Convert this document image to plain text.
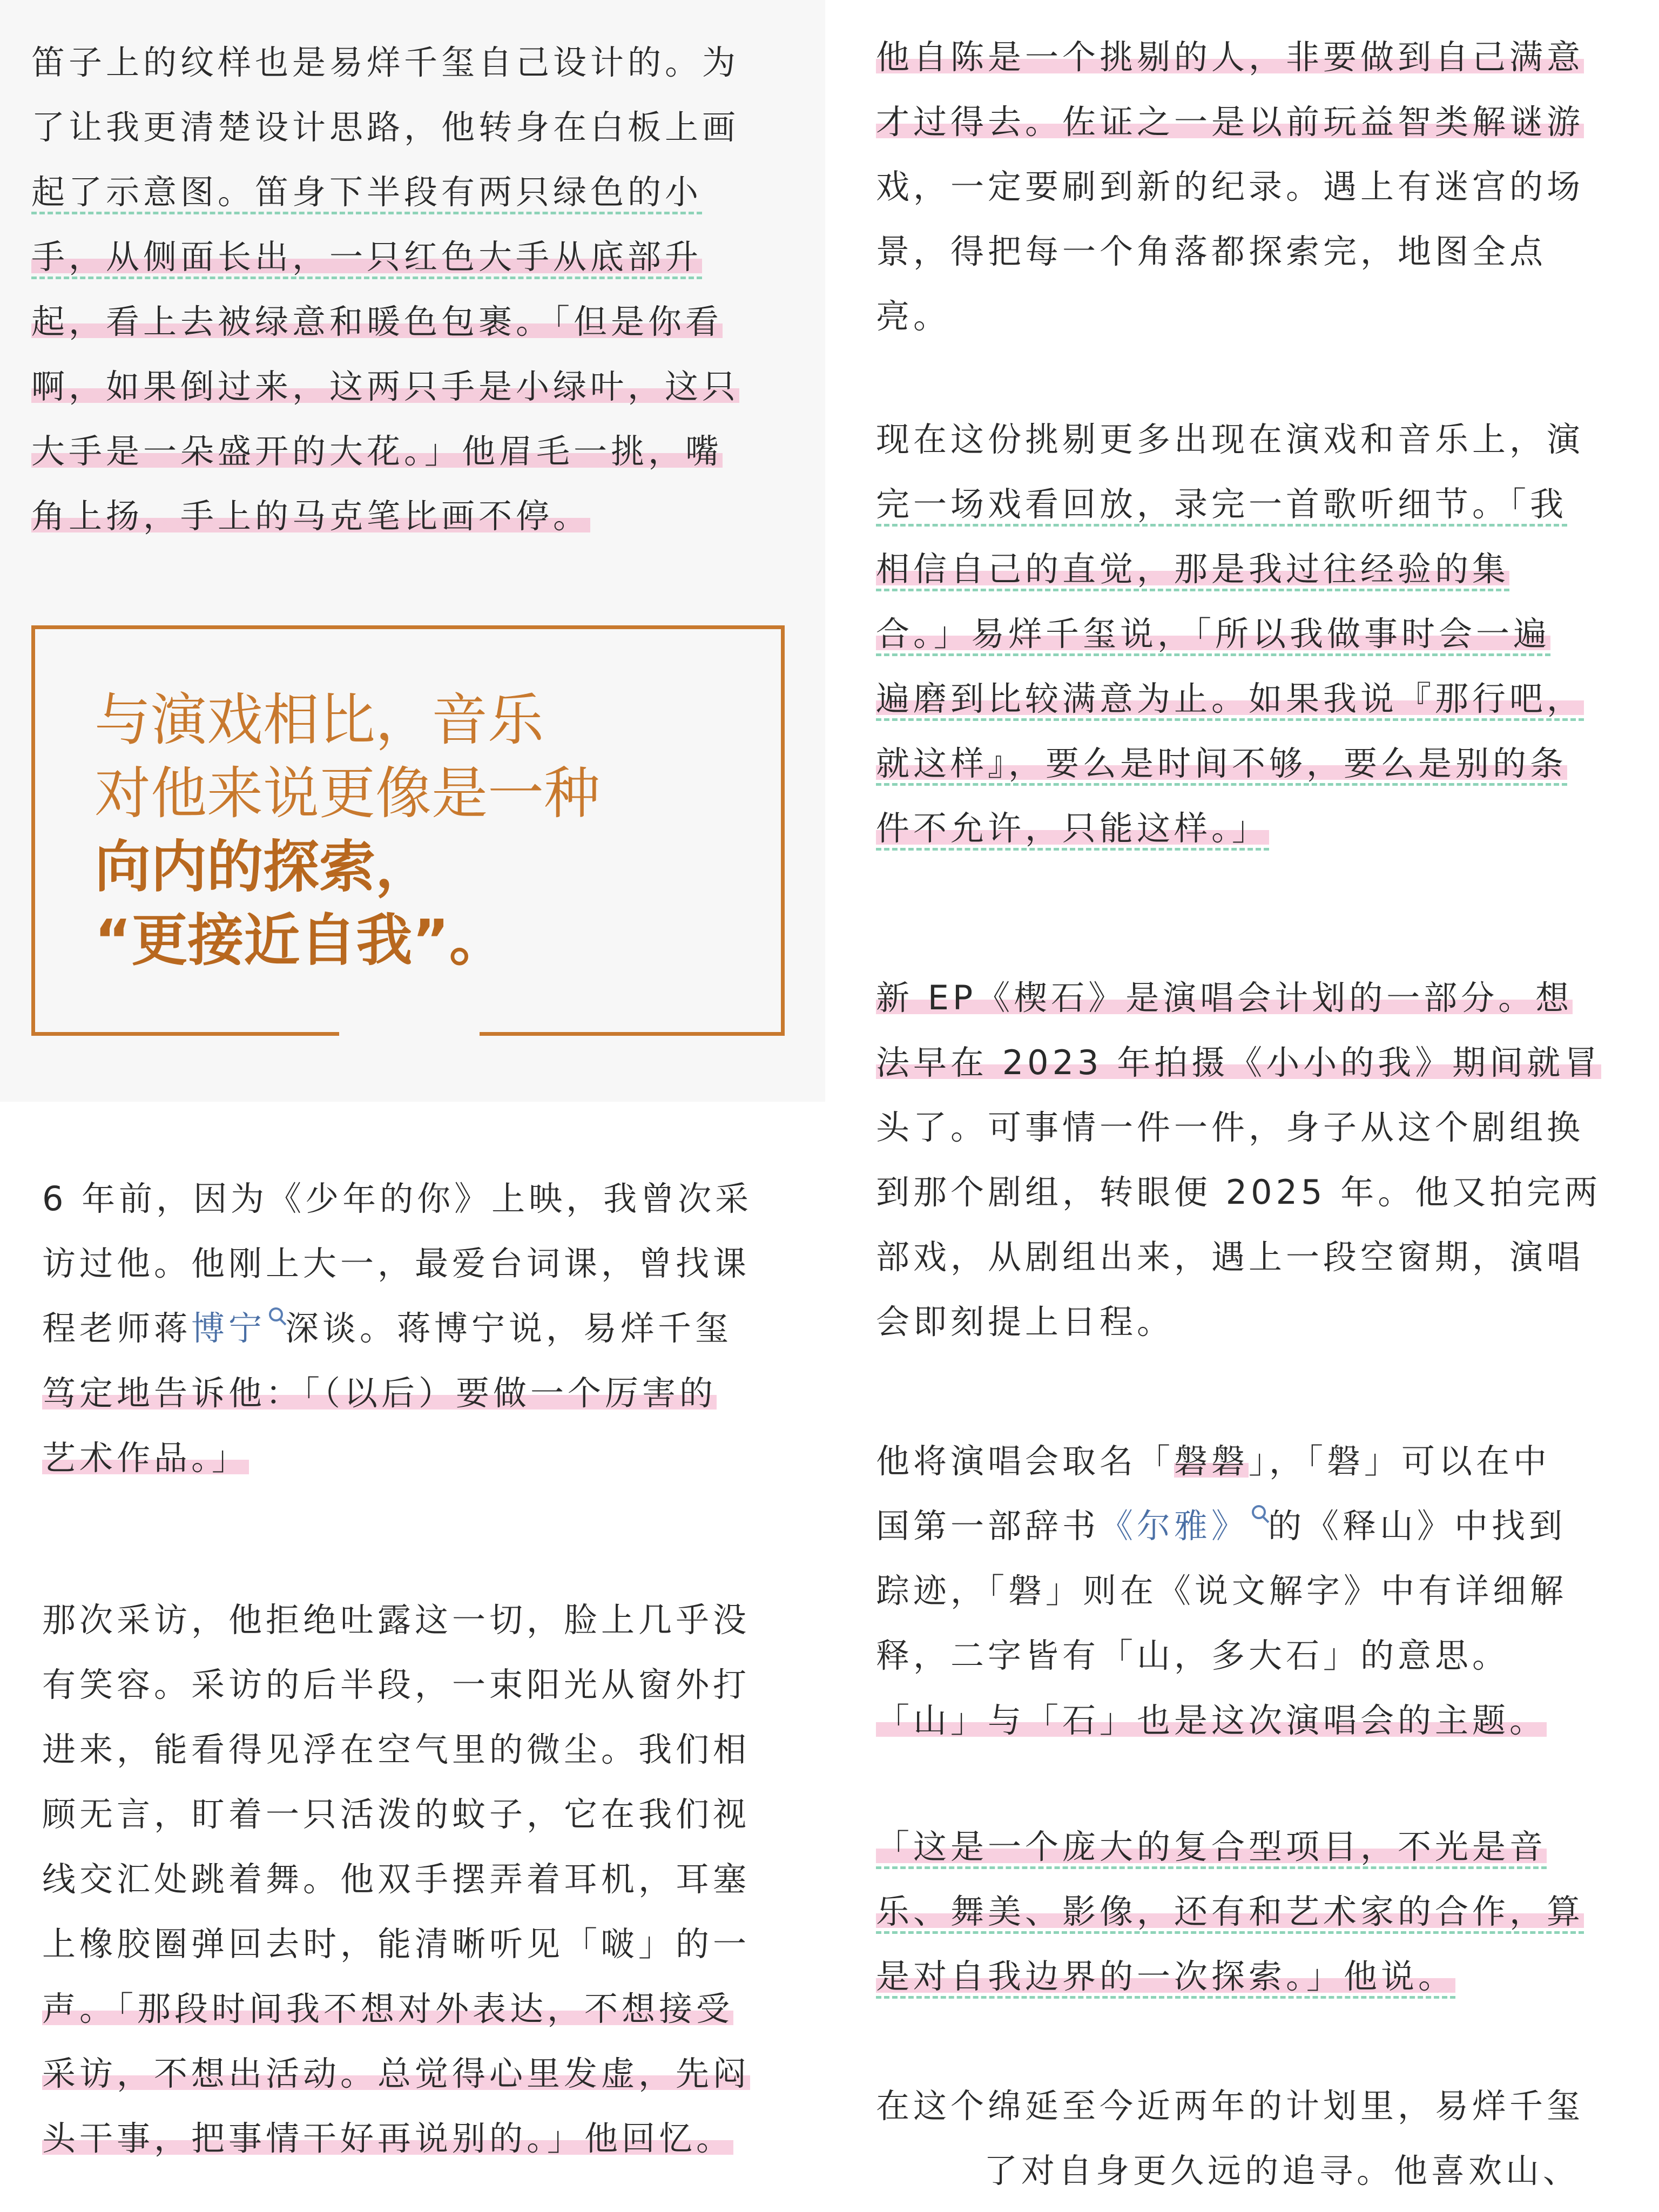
笛子上的纹样也是易烊千玺自己设计的。为
了让我更清楚设计思路，他转身在白板上画
起了示意图。笛身下半段有两只绿色的小
手，从侧面长出，一只红色大手从底部升
起，看上去被绿意和暖色包裹。「但是你看
啊，如果倒过来，这两只手是小绿叶，这只
大手是一朵盛开的大花。」他眉毛一挑，嘴
角上扬，手上的马克笔比画不停。

与演戏相比，音乐
对他来说更像是一种
向内的探索，
“更接近自我”。

6 年前，因为《少年的你》上映，我曾次采
访过他。他刚上大一，最爱台词课，曾找课
程老师蒋博宁 深谈。蒋博宁说，易烊千玺
笃定地告诉他：「（以后）要做一个厉害的
艺术作品。」

那次采访，他拒绝吐露这一切，脸上几乎没
有笑容。采访的后半段，一束阳光从窗外打
进来，能看得见浮在空气里的微尘。我们相
顾无言，盯着一只活泼的蚊子，它在我们视
线交汇处跳着舞。他双手摆弄着耳机，耳塞
上橡胶圈弹回去时，能清晰听见「啵」的一
声。「那段时间我不想对外表达，不想接受
采访，不想出活动。总觉得心里发虚，先闷
头干事，把事情干好再说别的。」他回忆。

他自陈是一个挑剔的人，非要做到自己满意
才过得去。佐证之一是以前玩益智类解谜游
戏，一定要刷到新的纪录。遇上有迷宫的场
景，得把每一个角落都探索完，地图全点
亮。

现在这份挑剔更多出现在演戏和音乐上，演
完一场戏看回放，录完一首歌听细节。「我
相信自己的直觉，那是我过往经验的集
合。」易烊千玺说，「所以我做事时会一遍
遍磨到比较满意为止。如果我说『那行吧，
就这样』，要么是时间不够，要么是别的条
件不允许，只能这样。」

新 EP《楔石》是演唱会计划的一部分。想
法早在 2023 年拍摄《小小的我》期间就冒
头了。可事情一件一件，身子从这个剧组换
到那个剧组，转眼便 2025 年。他又拍完两
部戏，从剧组出来，遇上一段空窗期，演唱
会即刻提上日程。

他将演唱会取名「磐磐」，「磐」可以在中
国第一部辞书《尔雅》 的《释山》中找到
踪迹，「磐」则在《说文解字》中有详细解
释，二字皆有「山，多大石」的意思。
「山」与「石」也是这次演唱会的主题。

「这是一个庞大的复合型项目，不光是音
乐、舞美、影像，还有和艺术家的合作，算
是对自我边界的一次探索。」他说。

在这个绵延至今近两年的计划里，易烊千玺
了对自身更久远的追寻。他喜欢山、
